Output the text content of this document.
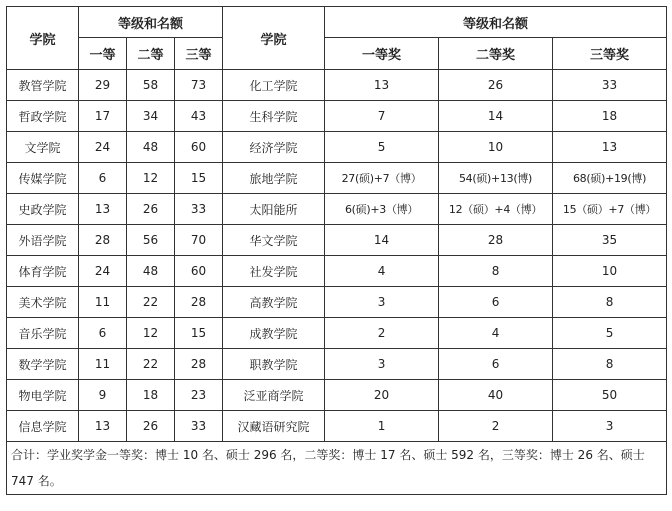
学院	等级和名额			学院	等级和名额		
	一等	二等	三等		一等奖	二等奖	三等奖
教管学院	29	58	73	化工学院	13	26	33
哲政学院	17	34	43	生科学院	7	14	18
文学院	24	48	60	经济学院	5	10	13
传媒学院	6	12	15	旅地学院	27(硕)+7（博）	54(硕)+13(博)	68(硕)+19(博)
史政学院	13	26	33	太阳能所	6(硕)+3（博）	12（硕）+4（博）	15（硕）+7（博）
外语学院	28	56	70	华文学院	14	28	35
体育学院	24	48	60	社发学院	4	8	10
美术学院	11	22	28	高教学院	3	6	8
音乐学院	6	12	15	成教学院	2	4	5
数学学院	11	22	28	职教学院	3	6	8
物电学院	9	18	23	泛亚商学院	20	40	50
信息学院	13	26	33	汉藏语研究院	1	2	3
合计：学业奖学金一等奖：博士 10 名、硕士 296 名，二等奖：博士 17 名、硕士 592 名，三等奖：博士 26 名、硕士 747 名。							
